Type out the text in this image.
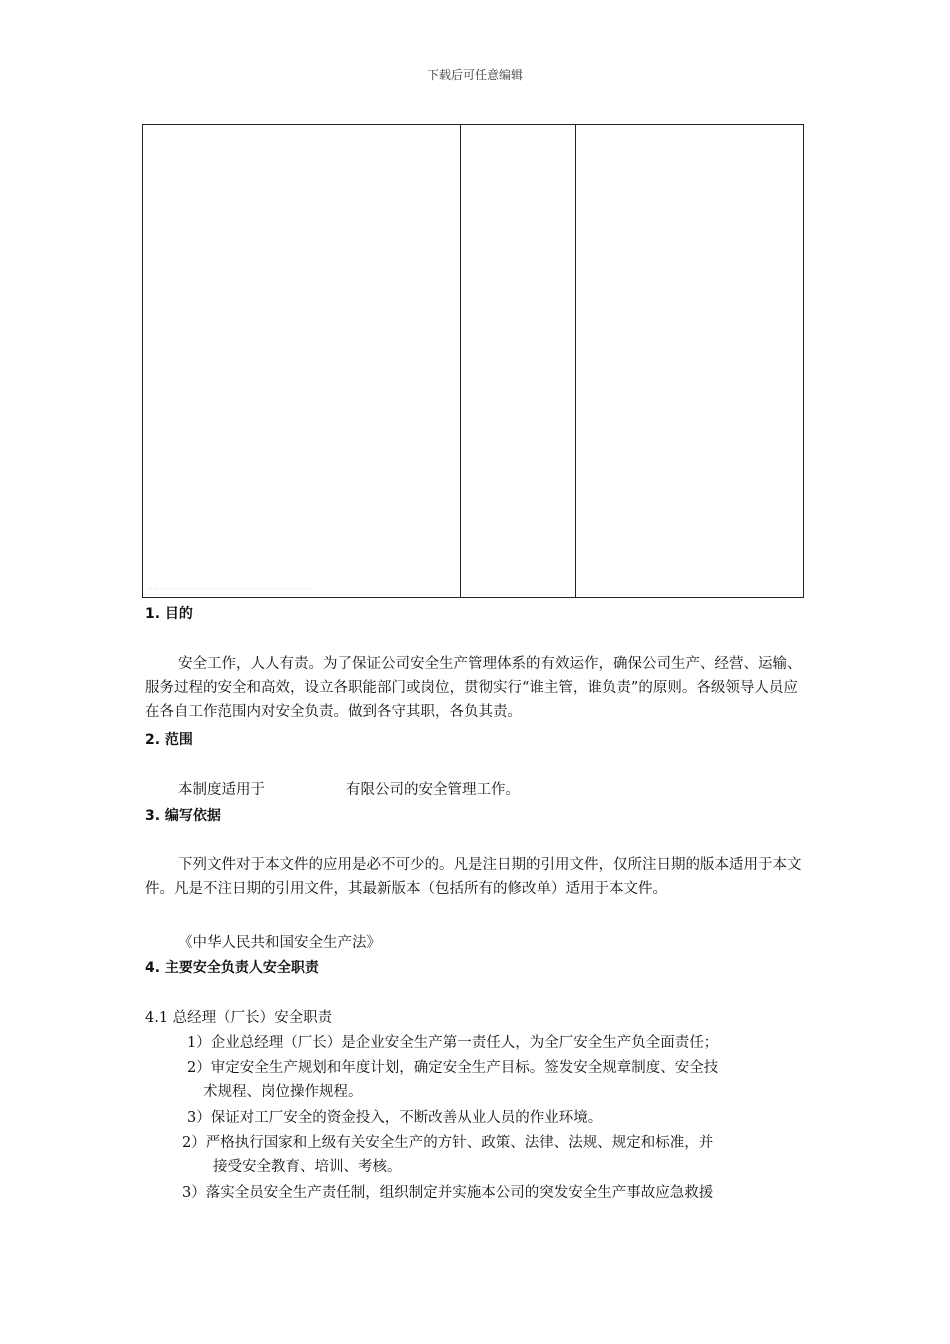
下载后可任意编辑
┄┄┄┄┄┄┄┄┄┄┄┄┄┄┄┄┄┄┄┄┄┄┄┄┄┄
1. 目的
安全工作，人人有责。为了保证公司安全生产管理体系的有效运作，确保公司生产、经营、运输、服务过程的安全和高效，设立各职能部门或岗位，贯彻实行“谁主管，谁负责”的原则。各级领导人员应在各自工作范围内对安全负责。做到各守其职，各负其责。
2. 范围
本制度适用于	有限公司的安全管理工作。
3. 编写依据
下列文件对于本文件的应用是必不可少的。凡是注日期的引用文件，仅所注日期的版本适用于本文件。凡是不注日期的引用文件，其最新版本（包括所有的修改单）适用于本文件。
《中华人民共和国安全生产法》
4. 主要安全负责人安全职责
4.1 总经理（厂长）安全职责
1）企业总经理（厂长）是企业安全生产第一责任人，为全厂安全生产负全面责任；
2）审定安全生产规划和年度计划，确定安全生产目标。签发安全规章制度、安全技
术规程、岗位操作规程。
3）保证对工厂安全的资金投入，不断改善从业人员的作业环境。
2）严格执行国家和上级有关安全生产的方针、政策、法律、法规、规定和标准，并
接受安全教育、培训、考核。
3）落实全员安全生产责任制，组织制定并实施本公司的突发安全生产事故应急救援
